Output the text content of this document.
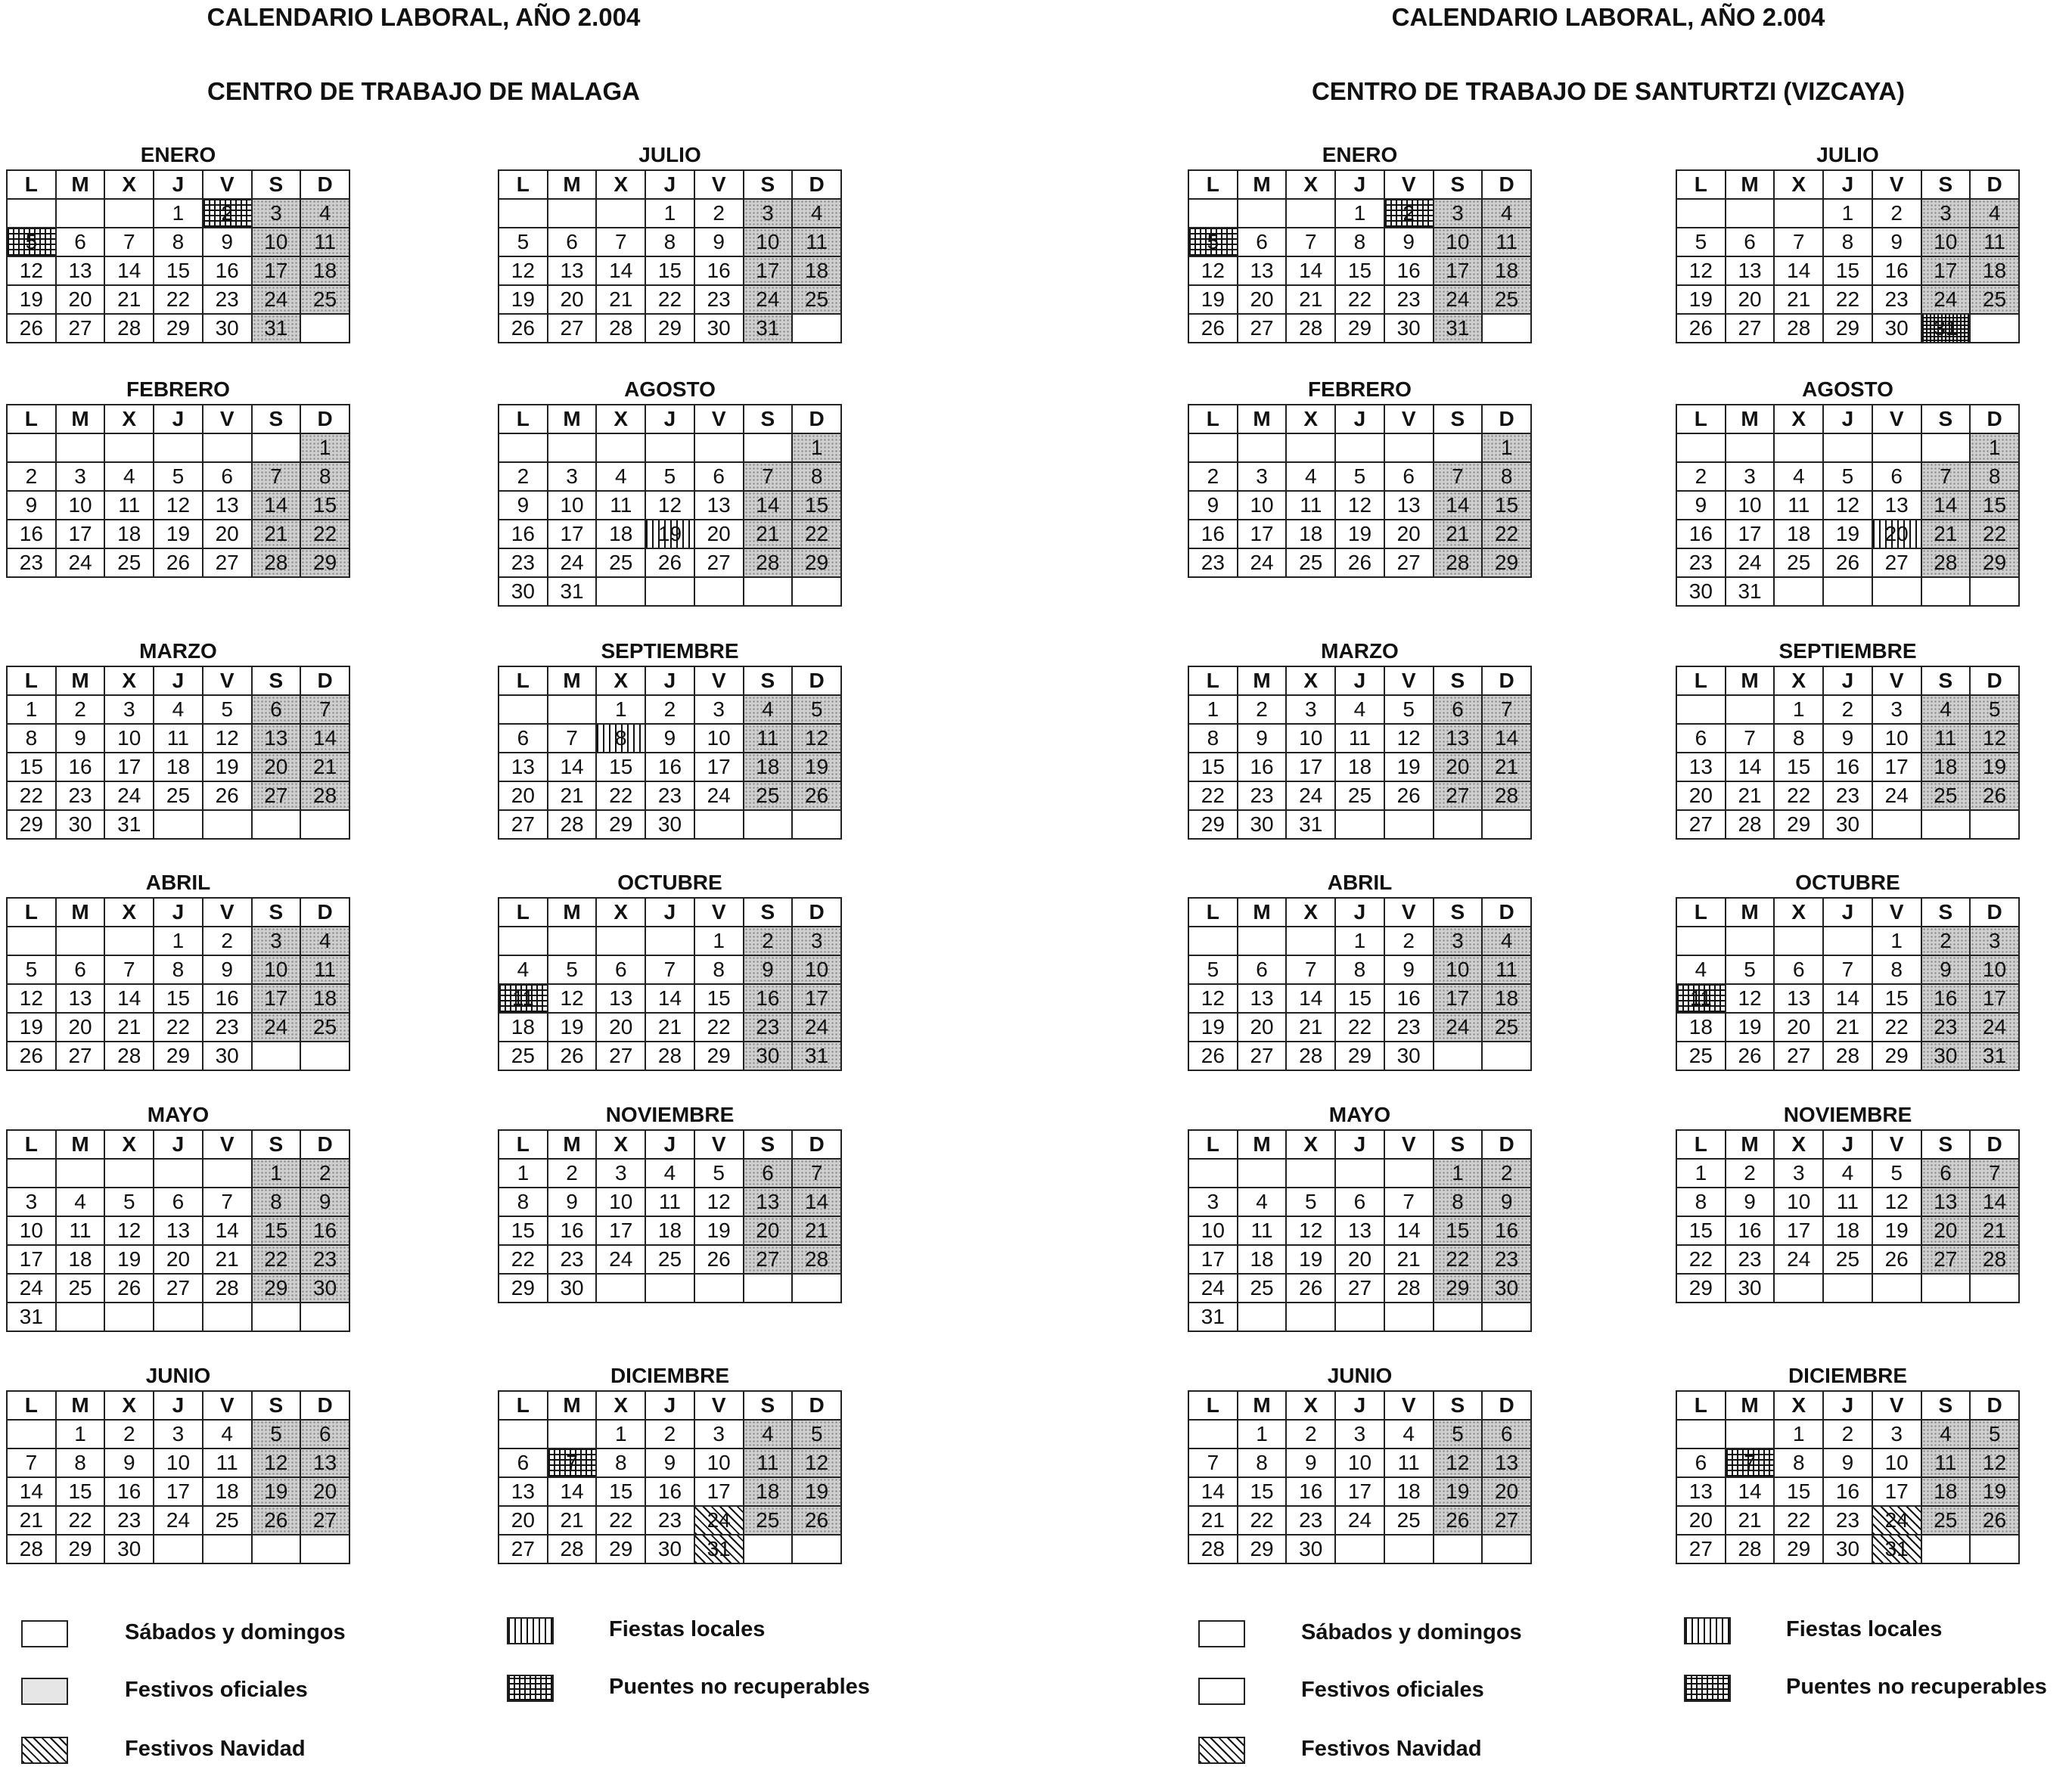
CALENDARIO LABORAL, AÑO 2.004
CENTRO DE TRABAJO DE MALAGA
ENERO
L	M	X	J	V	S	D
			1	2	3	4
5	6	7	8	9	10	11
12	13	14	15	16	17	18
19	20	21	22	23	24	25
26	27	28	29	30	31	
FEBRERO
L	M	X	J	V	S	D
						1
2	3	4	5	6	7	8
9	10	11	12	13	14	15
16	17	18	19	20	21	22
23	24	25	26	27	28	29
MARZO
L	M	X	J	V	S	D
1	2	3	4	5	6	7
8	9	10	11	12	13	14
15	16	17	18	19	20	21
22	23	24	25	26	27	28
29	30	31				
ABRIL
L	M	X	J	V	S	D
			1	2	3	4
5	6	7	8	9	10	11
12	13	14	15	16	17	18
19	20	21	22	23	24	25
26	27	28	29	30		
MAYO
L	M	X	J	V	S	D
					1	2
3	4	5	6	7	8	9
10	11	12	13	14	15	16
17	18	19	20	21	22	23
24	25	26	27	28	29	30
31						
JUNIO
L	M	X	J	V	S	D
	1	2	3	4	5	6
7	8	9	10	11	12	13
14	15	16	17	18	19	20
21	22	23	24	25	26	27
28	29	30				
JULIO
L	M	X	J	V	S	D
			1	2	3	4
5	6	7	8	9	10	11
12	13	14	15	16	17	18
19	20	21	22	23	24	25
26	27	28	29	30	31	
AGOSTO
L	M	X	J	V	S	D
						1
2	3	4	5	6	7	8
9	10	11	12	13	14	15
16	17	18	19	20	21	22
23	24	25	26	27	28	29
30	31					
SEPTIEMBRE
L	M	X	J	V	S	D
		1	2	3	4	5
6	7	8	9	10	11	12
13	14	15	16	17	18	19
20	21	22	23	24	25	26
27	28	29	30			
OCTUBRE
L	M	X	J	V	S	D
				1	2	3
4	5	6	7	8	9	10
11	12	13	14	15	16	17
18	19	20	21	22	23	24
25	26	27	28	29	30	31
NOVIEMBRE
L	M	X	J	V	S	D
1	2	3	4	5	6	7
8	9	10	11	12	13	14
15	16	17	18	19	20	21
22	23	24	25	26	27	28
29	30					
DICIEMBRE
L	M	X	J	V	S	D
		1	2	3	4	5
6	7	8	9	10	11	12
13	14	15	16	17	18	19
20	21	22	23	24	25	26
27	28	29	30	31		
CALENDARIO LABORAL, AÑO 2.004
CENTRO DE TRABAJO DE SANTURTZI (VIZCAYA)
ENERO
L	M	X	J	V	S	D
			1	2	3	4
5	6	7	8	9	10	11
12	13	14	15	16	17	18
19	20	21	22	23	24	25
26	27	28	29	30	31	
FEBRERO
L	M	X	J	V	S	D
						1
2	3	4	5	6	7	8
9	10	11	12	13	14	15
16	17	18	19	20	21	22
23	24	25	26	27	28	29
MARZO
L	M	X	J	V	S	D
1	2	3	4	5	6	7
8	9	10	11	12	13	14
15	16	17	18	19	20	21
22	23	24	25	26	27	28
29	30	31				
ABRIL
L	M	X	J	V	S	D
			1	2	3	4
5	6	7	8	9	10	11
12	13	14	15	16	17	18
19	20	21	22	23	24	25
26	27	28	29	30		
MAYO
L	M	X	J	V	S	D
					1	2
3	4	5	6	7	8	9
10	11	12	13	14	15	16
17	18	19	20	21	22	23
24	25	26	27	28	29	30
31						
JUNIO
L	M	X	J	V	S	D
	1	2	3	4	5	6
7	8	9	10	11	12	13
14	15	16	17	18	19	20
21	22	23	24	25	26	27
28	29	30				
JULIO
L	M	X	J	V	S	D
			1	2	3	4
5	6	7	8	9	10	11
12	13	14	15	16	17	18
19	20	21	22	23	24	25
26	27	28	29	30	31	
AGOSTO
L	M	X	J	V	S	D
						1
2	3	4	5	6	7	8
9	10	11	12	13	14	15
16	17	18	19	20	21	22
23	24	25	26	27	28	29
30	31					
SEPTIEMBRE
L	M	X	J	V	S	D
		1	2	3	4	5
6	7	8	9	10	11	12
13	14	15	16	17	18	19
20	21	22	23	24	25	26
27	28	29	30			
OCTUBRE
L	M	X	J	V	S	D
				1	2	3
4	5	6	7	8	9	10
11	12	13	14	15	16	17
18	19	20	21	22	23	24
25	26	27	28	29	30	31
NOVIEMBRE
L	M	X	J	V	S	D
1	2	3	4	5	6	7
8	9	10	11	12	13	14
15	16	17	18	19	20	21
22	23	24	25	26	27	28
29	30					
DICIEMBRE
L	M	X	J	V	S	D
		1	2	3	4	5
6	7	8	9	10	11	12
13	14	15	16	17	18	19
20	21	22	23	24	25	26
27	28	29	30	31		
Sábados y domingos
Festivos oficiales
Festivos Navidad
Fiestas locales
Puentes no recuperables
Sábados y domingos
Festivos oficiales
Festivos Navidad
Fiestas locales
Puentes no recuperables
